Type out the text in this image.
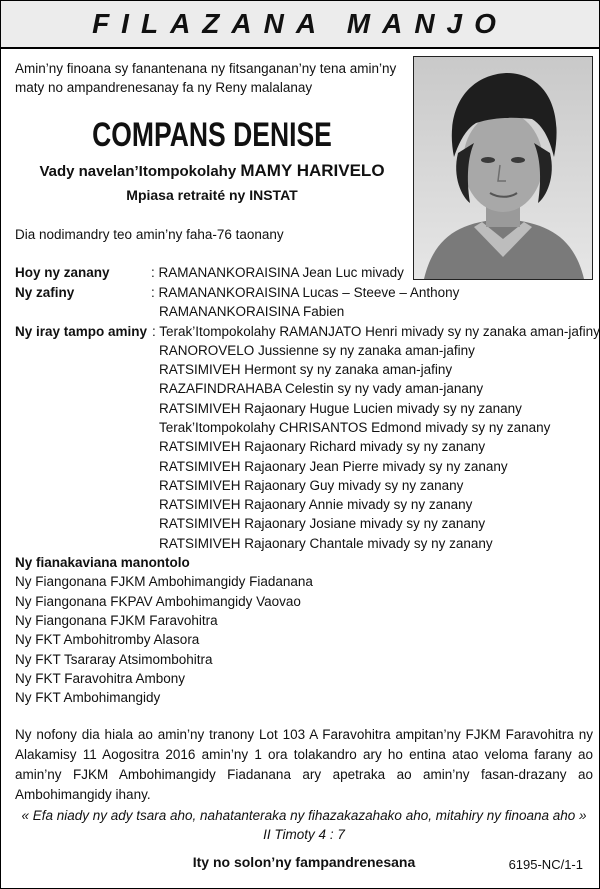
FILAZANA MANJO
Amin’ny finoana sy fanantenana ny fitsanganan’ny tena amin’ny maty no ampandrenesanay fa ny Reny malalanay
COMPANS DENISE
Vady navelan’Itompokolahy MAMY HARIVELO
Mpiasa retraité ny INSTAT
Dia nodimandry teo amin’ny faha-76 taonany
Hoy ny zanany	: RAMANANKORAISINA Jean Luc mivady
Ny zafiny	: RAMANANKORAISINA Lucas – Steeve – Anthony
RAMANANKORAISINA Fabien
Ny iray tampo aminy : Terak’Itompokolahy RAMANJATO Henri mivady sy ny zanaka aman-jafiny
RANOROVELO Jussienne sy ny zanaka aman-jafiny
RATSIMIVEH Hermont sy ny zanaka aman-jafiny
RAZAFINDRAHABA Celestin sy ny vady aman-janany
RATSIMIVEH Rajaonary Hugue Lucien mivady sy ny zanany
Terak’Itompokolahy CHRISANTOS Edmond mivady sy ny zanany
RATSIMIVEH Rajaonary Richard mivady sy ny zanany
RATSIMIVEH Rajaonary Jean Pierre mivady sy ny zanany
RATSIMIVEH Rajaonary Guy mivady sy ny zanany
RATSIMIVEH Rajaonary Annie mivady sy ny zanany
RATSIMIVEH Rajaonary Josiane mivady sy ny zanany
RATSIMIVEH Rajaonary Chantale mivady sy ny zanany
Ny fianakaviana manontolo
Ny Fiangonana FJKM Ambohimangidy Fiadanana
Ny Fiangonana FKPAV Ambohimangidy Vaovao
Ny Fiangonana FJKM Faravohitra
Ny FKT Ambohitromby Alasora
Ny FKT Tsararay Atsimombohitra
Ny FKT Faravohitra Ambony
Ny FKT Ambohimangidy
Ny nofony dia hiala ao amin’ny tranony Lot 103 A Faravohitra ampitan’ny FJKM Faravohitra ny Alakamisy 11 Aogositra 2016 amin’ny 1 ora tolakandro ary ho entina atao veloma farany ao amin’ny FJKM Ambohimangidy Fiadanana ary apetraka ao amin’ny fasan-drazany ao Ambohimangidy ihany.
« Efa niady ny ady tsara aho, nahatanteraka ny fihazakazahako aho, mitahiry ny finoana aho »
II Timoty 4 : 7
Ity no solon’ny fampandrenesana	6195-NC/1-1
